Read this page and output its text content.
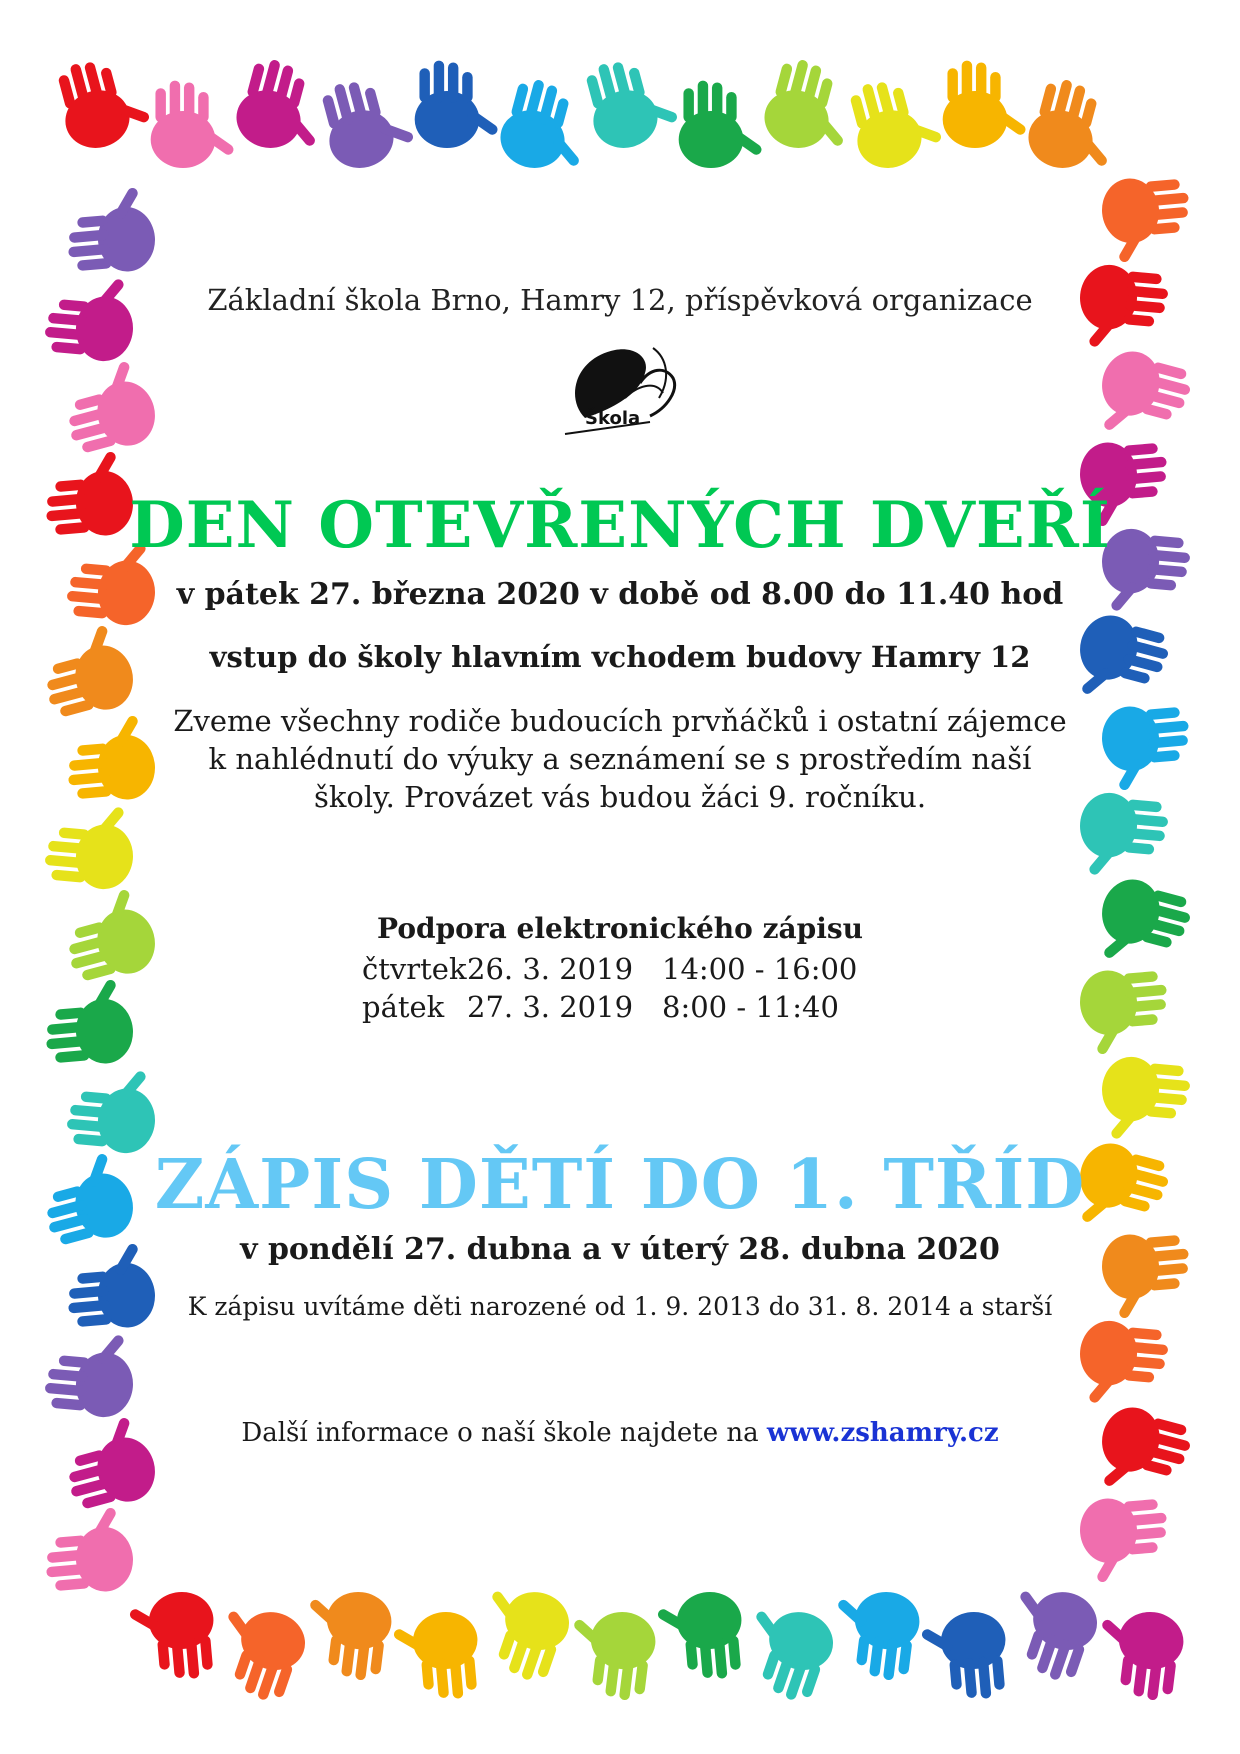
Základní škola Brno, Hamry 12, příspěvková organizace
Škola
DEN OTEVŘENÝCH DVEŘÍ
v pátek 27. března 2020 v době od 8.00 do 11.40 hod
vstup do školy hlavním vchodem budovy Hamry 12
Zveme všechny rodiče budoucích prvňáčků i ostatní zájemce
k nahlédnutí do výuky a seznámení se s prostředím naší
školy. Provázet vás budou žáci 9. ročníku.
Podpora elektronického zápisu
čtvrtek26. 3. 2019 14:00 - 16:00
pátek 27. 3. 2019 8:00 - 11:40
ZÁPIS DĚTÍ DO 1. TŘÍD
v pondělí 27. dubna a v úterý 28. dubna 2020
K zápisu uvítáme děti narozené od 1. 9. 2013 do 31. 8. 2014 a starší
Další informace o naší škole najdete na www.zshamry.cz
